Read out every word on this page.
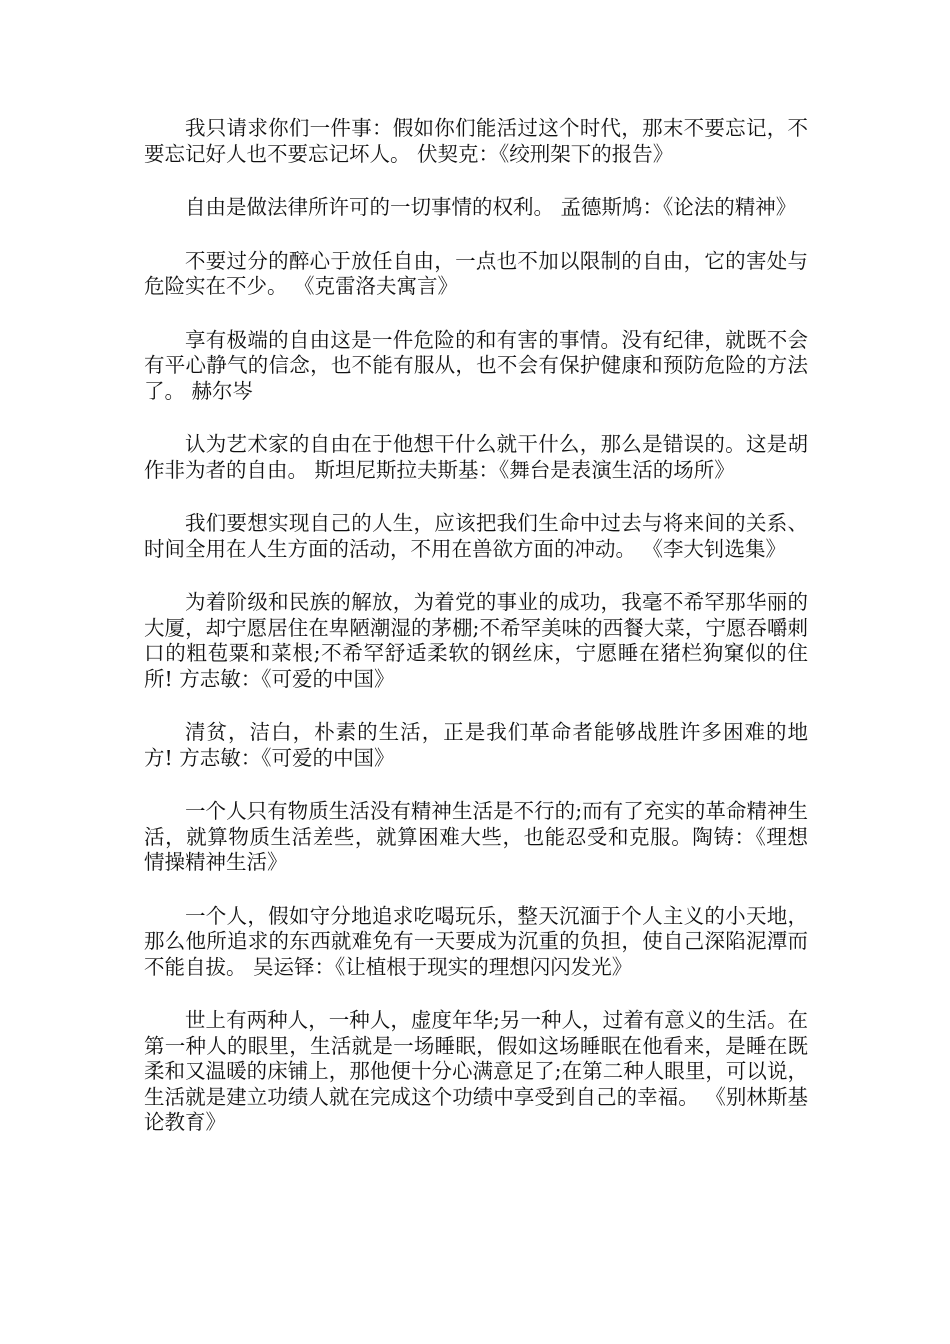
我只请求你们一件事：假如你们能活过这个时代，那末不要忘记，不要忘记好人也不要忘记坏人。 伏契克：《绞刑架下的报告》

自由是做法律所许可的一切事情的权利。 孟德斯鸠：《论法的精神》

不要过分的醉心于放任自由，一点也不加以限制的自由，它的害处与危险实在不少。 《克雷洛夫寓言》

享有极端的自由这是一件危险的和有害的事情。没有纪律，就既不会有平心静气的信念，也不能有服从，也不会有保护健康和预防危险的方法了。 赫尔岑

认为艺术家的自由在于他想干什么就干什么，那么是错误的。这是胡作非为者的自由。 斯坦尼斯拉夫斯基：《舞台是表演生活的场所》

我们要想实现自己的人生，应该把我们生命中过去与将来间的关系、时间全用在人生方面的活动，不用在兽欲方面的冲动。 《李大钊选集》

为着阶级和民族的解放，为着党的事业的成功，我毫不希罕那华丽的大厦，却宁愿居住在卑陋潮湿的茅棚;不希罕美味的西餐大菜，宁愿吞嚼刺口的粗苞粟和菜根;不希罕舒适柔软的钢丝床，宁愿睡在猪栏狗窠似的住所! 方志敏：《可爱的中国》

清贫，洁白，朴素的生活，正是我们革命者能够战胜许多困难的地方! 方志敏：《可爱的中国》

一个人只有物质生活没有精神生活是不行的;而有了充实的革命精神生活，就算物质生活差些，就算困难大些，也能忍受和克服。陶铸：《理想情操精神生活》

一个人，假如守分地追求吃喝玩乐，整天沉湎于个人主义的小天地，那么他所追求的东西就难免有一天要成为沉重的负担，使自己深陷泥潭而不能自拔。 吴运铎：《让植根于现实的理想闪闪发光》

世上有两种人，一种人，虚度年华;另一种人，过着有意义的生活。在第一种人的眼里，生活就是一场睡眠，假如这场睡眠在他看来，是睡在既柔和又温暖的床铺上，那他便十分心满意足了;在第二种人眼里，可以说，生活就是建立功绩人就在完成这个功绩中享受到自己的幸福。 《别林斯基论教育》
